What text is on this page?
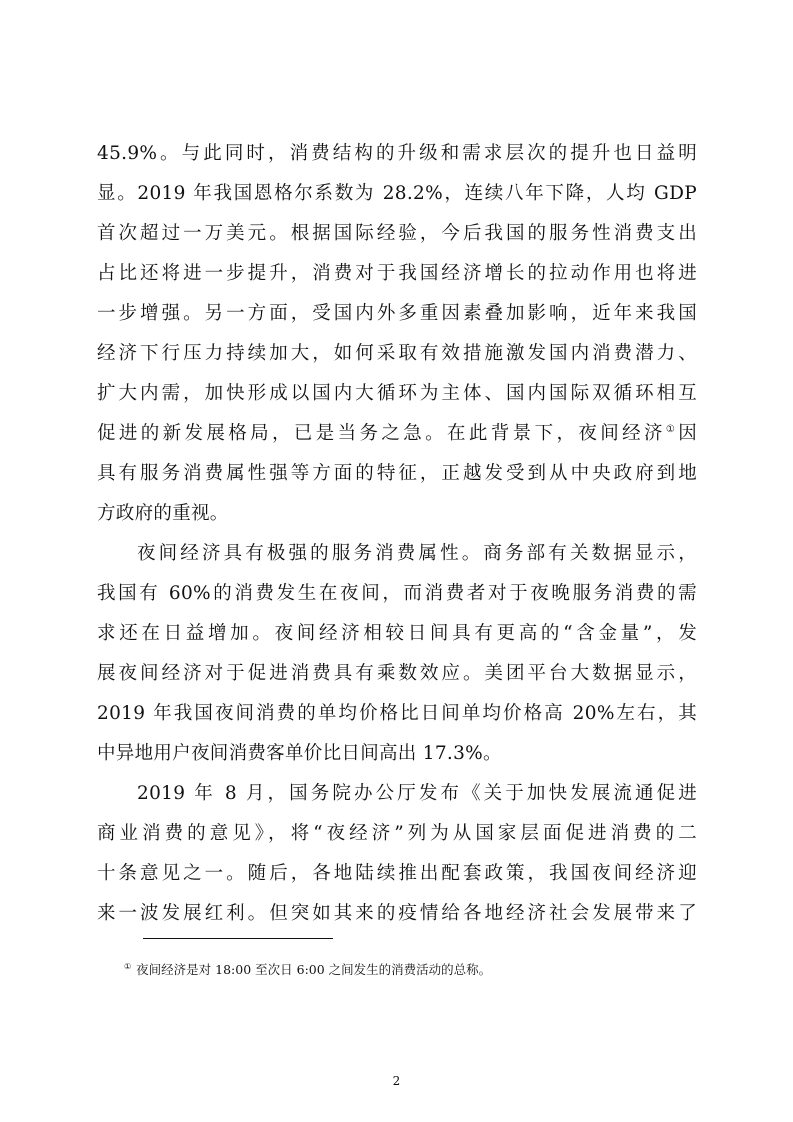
45.9%。与此同时，消费结构的升级和需求层次的提升也日益明
显。2019 年我国恩格尔系数为 28.2%，连续八年下降，人均 GDP
首次超过一万美元。根据国际经验，今后我国的服务性消费支出
占比还将进一步提升，消费对于我国经济增长的拉动作用也将进
一步增强。另一方面，受国内外多重因素叠加影响，近年来我国
经济下行压力持续加大，如何采取有效措施激发国内消费潜力、
扩大内需，加快形成以国内大循环为主体、国内国际双循环相互
促进的新发展格局，已是当务之急。在此背景下，夜间经济①因
具有服务消费属性强等方面的特征，正越发受到从中央政府到地
方政府的重视。
夜间经济具有极强的服务消费属性。商务部有关数据显示，
我国有 60%的消费发生在夜间，而消费者对于夜晚服务消费的需
求还在日益增加。夜间经济相较日间具有更高的“含金量”，发
展夜间经济对于促进消费具有乘数效应。美团平台大数据显示，
2019 年我国夜间消费的单均价格比日间单均价格高 20%左右，其
中异地用户夜间消费客单价比日间高出 17.3%。
2019 年 8 月，国务院办公厅发布《关于加快发展流通促进
商业消费的意见》，将“夜经济”列为从国家层面促进消费的二
十条意见之一。随后，各地陆续推出配套政策，我国夜间经济迎
来一波发展红利。但突如其来的疫情给各地经济社会发展带来了
① 夜间经济是对 18:00 至次日 6:00 之间发生的消费活动的总称。
2
